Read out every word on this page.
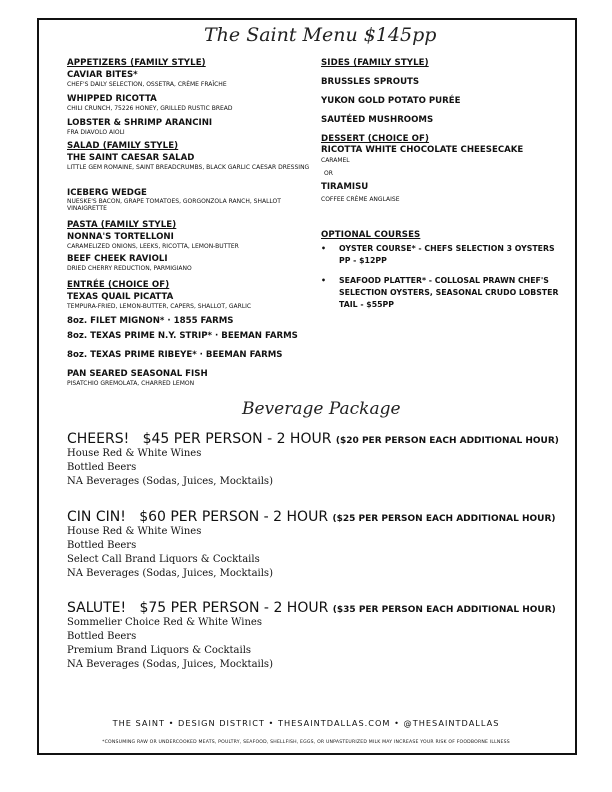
The Saint Menu $145pp
APPETIZERS (FAMILY STYLE)
CAVIAR BITES*
CHEF'S DAILY SELECTION, OSSETRA, CRÈME FRAÎCHE
WHIPPED RICOTTA
CHILI CRUNCH, 75226 HONEY, GRILLED RUSTIC BREAD
LOBSTER & SHRIMP ARANCINI
FRA DIAVOLO AIOLI
SALAD (FAMILY STYLE)
THE SAINT CAESAR SALAD
LITTLE GEM ROMAINE, SAINT BREADCRUMBS, BLACK GARLIC CAESAR DRESSING
ICEBERG WEDGE
NUESKE'S BACON, GRAPE TOMATOES, GORGONZOLA RANCH, SHALLOT VINAIGRETTE
PASTA (FAMILY STYLE)
NONNA'S TORTELLONI
CARAMELIZED ONIONS, LEEKS, RICOTTA, LEMON-BUTTER
BEEF CHEEK RAVIOLI
DRIED CHERRY REDUCTION, PARMIGIANO
ENTRÉE (CHOICE OF)
TEXAS QUAIL PICATTA
TEMPURA-FRIED, LEMON-BUTTER, CAPERS, SHALLOT, GARLIC
8oz. FILET MIGNON* · 1855 FARMS
8oz. TEXAS PRIME N.Y. STRIP* · BEEMAN FARMS
8oz. TEXAS PRIME RIBEYE* · BEEMAN FARMS
PAN SEARED SEASONAL FISH
PISATCHIO GREMOLATA, CHARRED LEMON
SIDES (FAMILY STYLE)
BRUSSLES SPROUTS
YUKON GOLD POTATO PURÉE
SAUTÉED MUSHROOMS
DESSERT (CHOICE OF)
RICOTTA WHITE CHOCOLATE CHEESECAKE
CARAMEL
OR
TIRAMISU
COFFEE CRÈME ANGLAISE
OPTIONAL COURSES
• OYSTER COURSE* - CHEFS SELECTION 3 OYSTERS PP - $12PP
• SEAFOOD PLATTER* - COLLOSAL PRAWN CHEF'S SELECTION OYSTERS, SEASONAL CRUDO LOBSTER TAIL - $55PP
Beverage Package
CHEERS! $45 PER PERSON - 2 HOUR ($20 PER PERSON EACH ADDITIONAL HOUR)
House Red & White Wines
Bottled Beers
NA Beverages (Sodas, Juices, Mocktails)
CIN CIN! $60 PER PERSON - 2 HOUR ($25 PER PERSON EACH ADDITIONAL HOUR)
House Red & White Wines
Bottled Beers
Select Call Brand Liquors & Cocktails
NA Beverages (Sodas, Juices, Mocktails)
SALUTE! $75 PER PERSON - 2 HOUR ($35 PER PERSON EACH ADDITIONAL HOUR)
Sommelier Choice Red & White Wines
Bottled Beers
Premium Brand Liquors & Cocktails
NA Beverages (Sodas, Juices, Mocktails)
THE SAINT • DESIGN DISTRICT • THESAINTDALLAS.COM • @THESAINTDALLAS
*CONSUMING RAW OR UNDERCOOKED MEATS, POULTRY, SEAFOOD, SHELLFISH, EGGS, OR UNPASTEURIZED MILK MAY INCREASE YOUR RISK OF FOODBORNE ILLNESS
